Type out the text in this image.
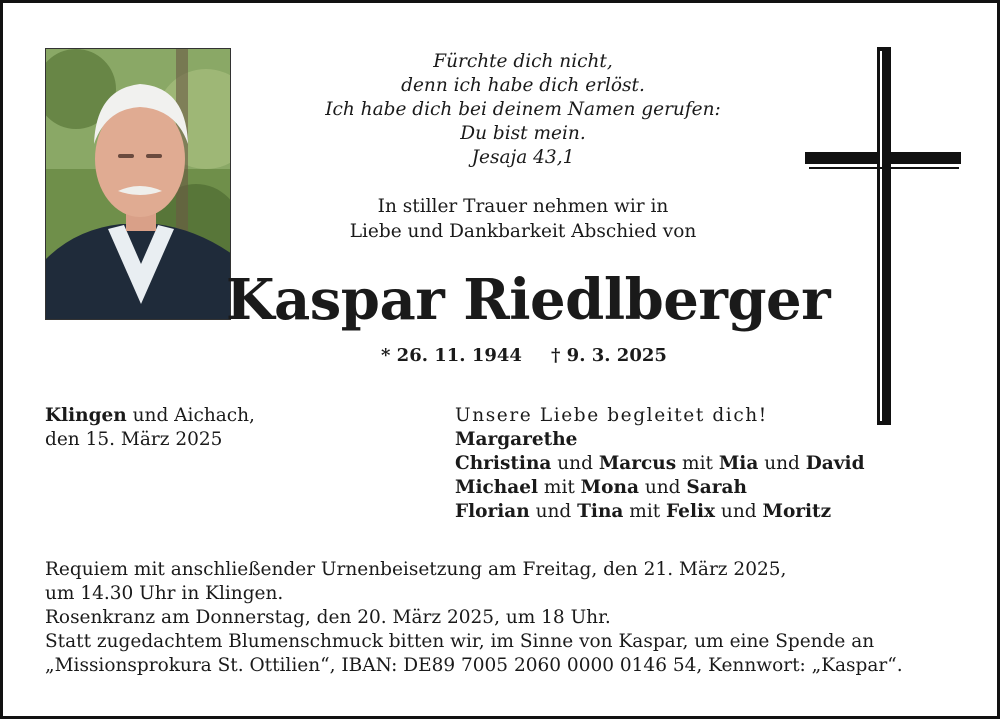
Fürchte dich nicht,
denn ich habe dich erlöst.
Ich habe dich bei deinem Namen gerufen:
Du bist mein.
Jesaja 43,1
In stiller Trauer nehmen wir in
Liebe und Dankbarkeit Abschied von
Kaspar Riedlberger
* 26. 11. 1944 † 9. 3. 2025
Klingen und Aichach,
den 15. März 2025
Unsere Liebe begleitet dich!
Margarethe
Christina und Marcus mit Mia und David
Michael mit Mona und Sarah
Florian und Tina mit Felix und Moritz
Requiem mit anschließender Urnenbeisetzung am Freitag, den 21. März 2025,
um 14.30 Uhr in Klingen.
Rosenkranz am Donnerstag, den 20. März 2025, um 18 Uhr.
Statt zugedachtem Blumenschmuck bitten wir, im Sinne von Kaspar, um eine Spende an
„Missionsprokura St. Ottilien“, IBAN: DE89 7005 2060 0000 0146 54, Kennwort: „Kaspar“.
